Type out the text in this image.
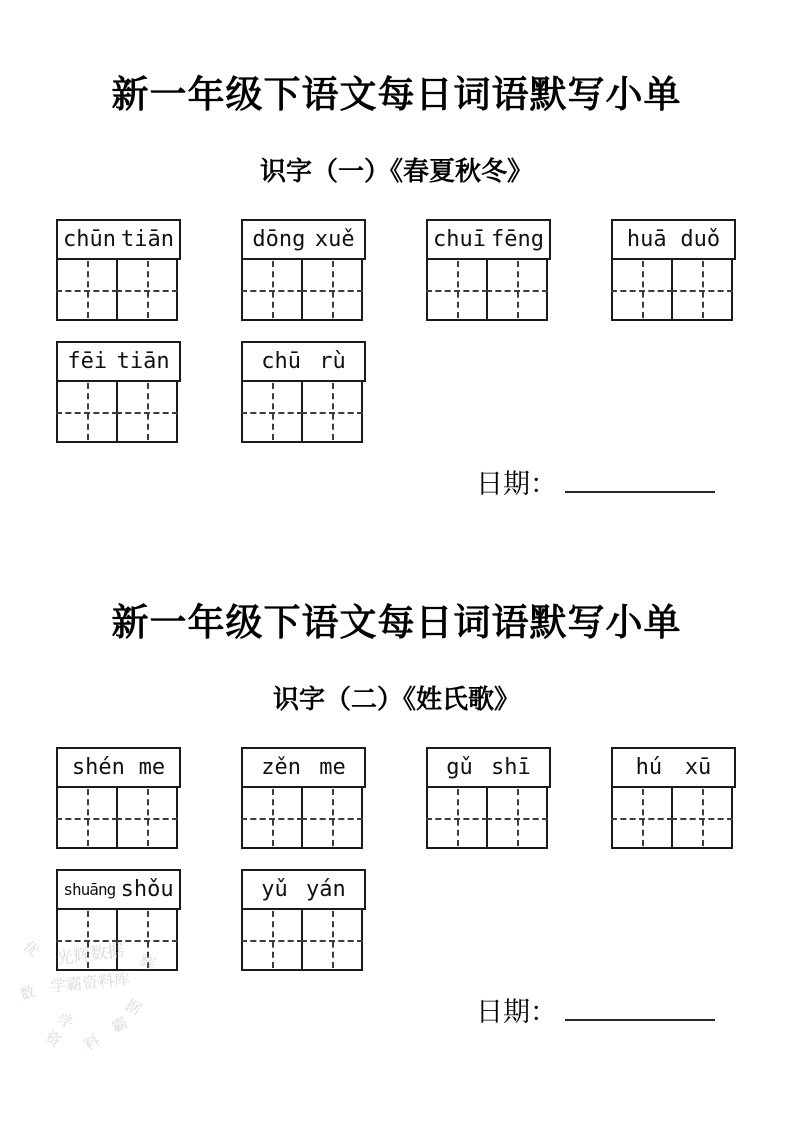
新一年级下语文每日词语默写小单
识字（一）《春夏秋冬》
chūn tiān	dōng xuě	chuī fēng	huā duǒ
fēi tiān	chū rù
日期：
新一年级下语文每日词语默写小单
识字（二）《姓氏歌》
shén me	zěn me	gǔ shī	hú xū
shuāng shǒu	yǔ yán
日期：
光辉数据
学霸资料库
优
辉
数
据
学 霸
资 料
